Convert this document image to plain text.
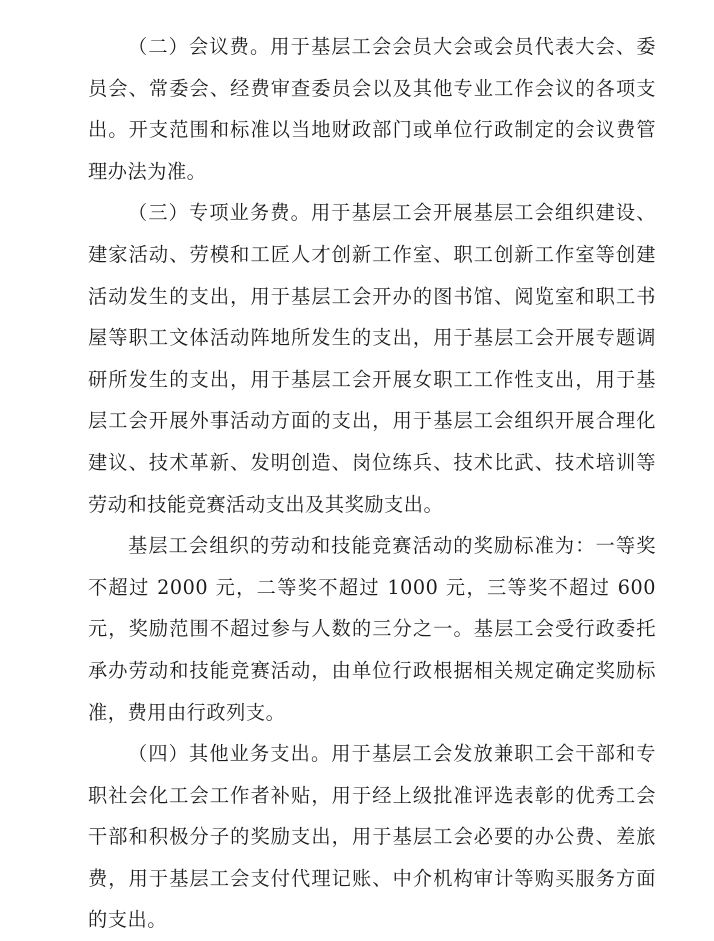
（二）会议费。用于基层工会会员大会或会员代表大会、委员会、常委会、经费审查委员会以及其他专业工作会议的各项支出。开支范围和标准以当地财政部门或单位行政制定的会议费管理办法为准。

（三）专项业务费。用于基层工会开展基层工会组织建设、建家活动、劳模和工匠人才创新工作室、职工创新工作室等创建活动发生的支出，用于基层工会开办的图书馆、阅览室和职工书屋等职工文体活动阵地所发生的支出，用于基层工会开展专题调研所发生的支出，用于基层工会开展女职工工作性支出，用于基层工会开展外事活动方面的支出，用于基层工会组织开展合理化建议、技术革新、发明创造、岗位练兵、技术比武、技术培训等劳动和技能竞赛活动支出及其奖励支出。

基层工会组织的劳动和技能竞赛活动的奖励标准为：一等奖不超过 2000 元，二等奖不超过 1000 元，三等奖不超过 600 元，奖励范围不超过参与人数的三分之一。基层工会受行政委托承办劳动和技能竞赛活动，由单位行政根据相关规定确定奖励标准，费用由行政列支。

（四）其他业务支出。用于基层工会发放兼职工会干部和专职社会化工会工作者补贴，用于经上级批准评选表彰的优秀工会干部和积极分子的奖励支出，用于基层工会必要的办公费、差旅费，用于基层工会支付代理记账、中介机构审计等购买服务方面的支出。
